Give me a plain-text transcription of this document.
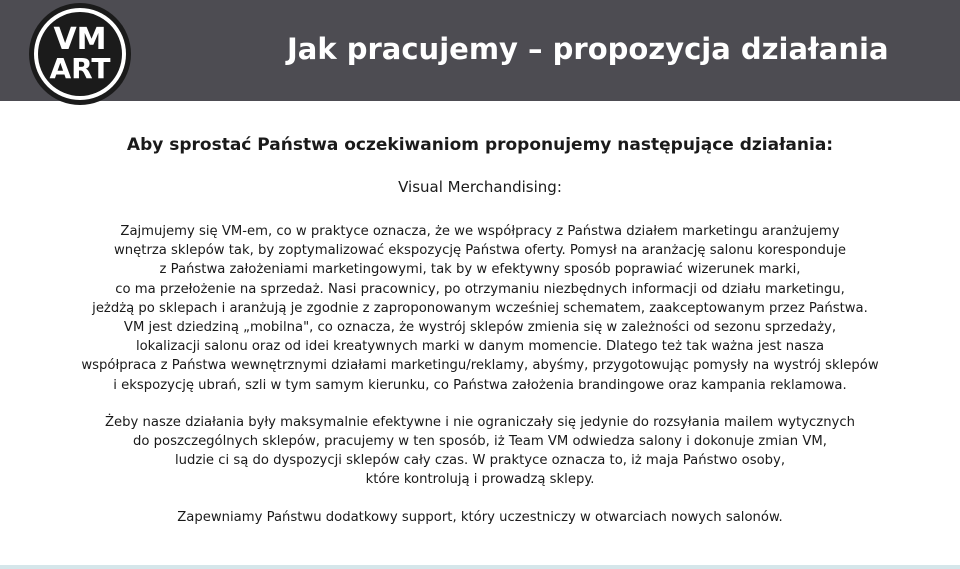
VM
ART
Jak pracujemy – propozycja działania
Aby sprostać Państwa oczekiwaniom proponujemy następujące działania:
Visual Merchandising:
Zajmujemy się VM-em, co w praktyce oznacza, że we współpracy z Państwa działem marketingu aranżujemy
wnętrza sklepów tak, by zoptymalizować ekspozycję Państwa oferty. Pomysł na aranżację salonu koresponduje
z Państwa założeniami marketingowymi, tak by w efektywny sposób poprawiać wizerunek marki,
co ma przełożenie na sprzedaż. Nasi pracownicy, po otrzymaniu niezbędnych informacji od działu marketingu,
jeżdżą po sklepach i aranżują je zgodnie z zaproponowanym wcześniej schematem, zaakceptowanym przez Państwa.
VM jest dziedziną „mobilna", co oznacza, że wystrój sklepów zmienia się w zależności od sezonu sprzedaży,
lokalizacji salonu oraz od idei kreatywnych marki w danym momencie. Dlatego też tak ważna jest nasza
współpraca z Państwa wewnętrznymi działami marketingu/reklamy, abyśmy, przygotowując pomysły na wystrój sklepów
i ekspozycję ubrań, szli w tym samym kierunku, co Państwa założenia brandingowe oraz kampania reklamowa.
Żeby nasze działania były maksymalnie efektywne i nie ograniczały się jedynie do rozsyłania mailem wytycznych
do poszczególnych sklepów, pracujemy w ten sposób, iż Team VM odwiedza salony i dokonuje zmian VM,
ludzie ci są do dyspozycji sklepów cały czas. W praktyce oznacza to, iż maja Państwo osoby,
które kontrolują i prowadzą sklepy.
Zapewniamy Państwu dodatkowy support, który uczestniczy w otwarciach nowych salonów.
